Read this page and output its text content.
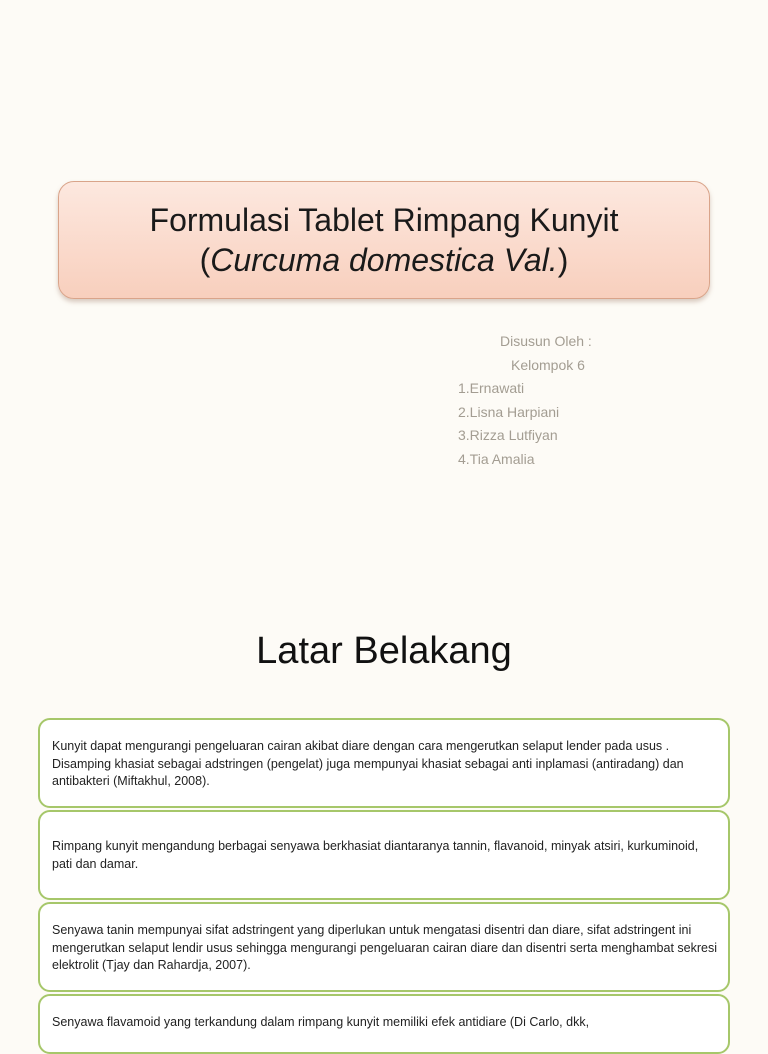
Formulasi Tablet Rimpang Kunyit
(Curcuma domestica Val.)
Disusun Oleh :
Kelompok 6
1.Ernawati
2.Lisna Harpiani
3.Rizza Lutfiyan
4.Tia Amalia
Latar Belakang
Kunyit dapat mengurangi pengeluaran cairan akibat diare dengan cara mengerutkan selaput lender pada usus . Disamping khasiat sebagai adstringen (pengelat) juga mempunyai khasiat sebagai anti inplamasi (antiradang) dan antibakteri (Miftakhul, 2008).
Rimpang kunyit mengandung berbagai senyawa berkhasiat diantaranya tannin, flavanoid, minyak atsiri, kurkuminoid, pati dan damar.
Senyawa tanin mempunyai sifat adstringent yang diperlukan untuk mengatasi disentri dan diare, sifat adstringent ini mengerutkan selaput lendir usus sehingga mengurangi pengeluaran cairan diare dan disentri serta menghambat sekresi elektrolit (Tjay dan Rahardja, 2007).
Senyawa flavamoid yang terkandung dalam rimpang kunyit memiliki efek antidiare (Di Carlo, dkk,
